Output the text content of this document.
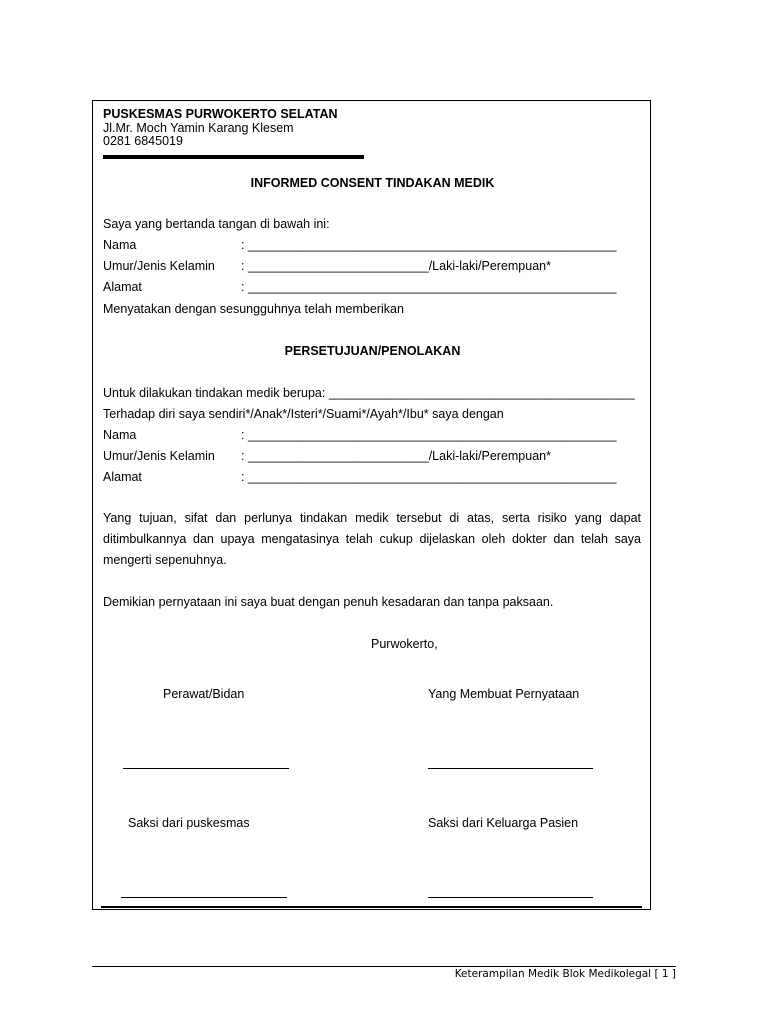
PUSKESMAS PURWOKERTO SELATAN
Jl.Mr. Moch Yamin Karang Klesem
0281 6845019
INFORMED CONSENT TINDAKAN MEDIK
Saya yang bertanda tangan di bawah ini:
Nama	: _____________________________________________________
Umur/Jenis Kelamin : __________________________/Laki-laki/Perempuan*
Alamat	: _____________________________________________________
Menyatakan dengan sesungguhnya telah memberikan
PERSETUJUAN/PENOLAKAN
Untuk dilakukan tindakan medik berupa: ____________________________________________
Terhadap diri saya sendiri*/Anak*/Isteri*/Suami*/Ayah*/Ibu* saya dengan
Nama	: _____________________________________________________
Umur/Jenis Kelamin : __________________________/Laki-laki/Perempuan*
Alamat	: _____________________________________________________
Yang tujuan, sifat dan perlunya tindakan medik tersebut di atas, serta risiko yang dapat ditimbulkannya dan upaya mengatasinya telah cukup dijelaskan oleh dokter dan telah saya mengerti sepenuhnya.
Demikian pernyataan ini saya buat dengan penuh kesadaran dan tanpa paksaan.
Purwokerto,
Perawat/Bidan	Yang Membuat Pernyataan
Saksi dari puskesmas	Saksi dari Keluarga Pasien
Keterampilan Medik Blok Medikolegal [ 1 ]
